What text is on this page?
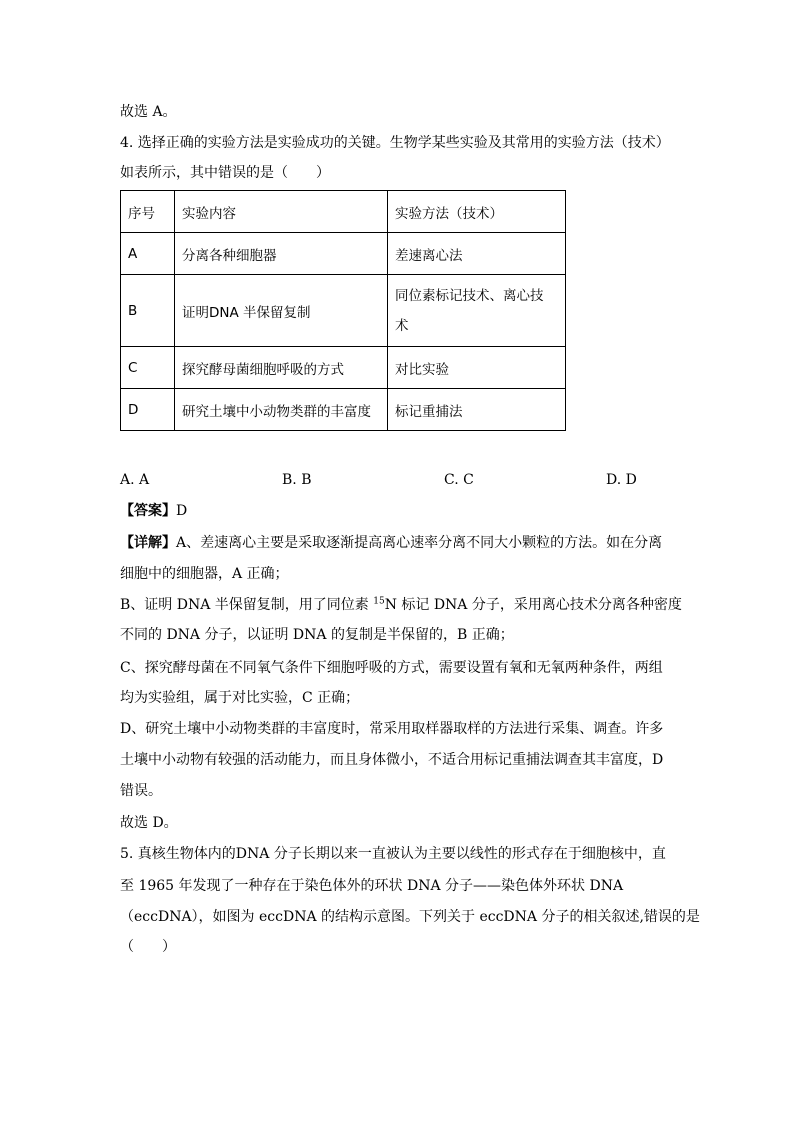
故选 A。
4. 选择正确的实验方法是实验成功的关键。生物学某些实验及其常用的实验方法（技术）
如表所示，其中错误的是（　　）
序号	实验内容	实验方法（技术）
A	分离各种细胞器	差速离心法
B	证明DNA 半保留复制	同位素标记技术、离心技
术

C	探究酵母菌细胞呼吸的方式	对比实验
D	研究土壤中小动物类群的丰富度	标记重捕法
A. A	B. B	C. C	D. D
【答案】D
【详解】A、差速离心主要是采取逐渐提高离心速率分离不同大小颗粒的方法。如在分离
细胞中的细胞器，A 正确；
B、证明 DNA 半保留复制，用了同位素 $^{15}$N 标记 DNA 分子，采用离心技术分离各种密度
不同的 DNA 分子，以证明 DNA 的复制是半保留的，B 正确；
C、探究酵母菌在不同氧气条件下细胞呼吸的方式，需要设置有氧和无氧两种条件，两组
均为实验组，属于对比实验，C 正确；
D、研究土壤中小动物类群的丰富度时，常采用取样器取样的方法进行采集、调查。许多
土壤中小动物有较强的活动能力，而且身体微小，不适合用标记重捕法调查其丰富度，D
错误。
故选 D。
5. 真核生物体内的DNA 分子长期以来一直被认为主要以线性的形式存在于细胞核中，直
至 1965 年发现了一种存在于染色体外的环状 DNA 分子——染色体外环状 DNA
（eccDNA），如图为 eccDNA 的结构示意图。下列关于 eccDNA 分子的相关叙述,错误的是
（　　）
